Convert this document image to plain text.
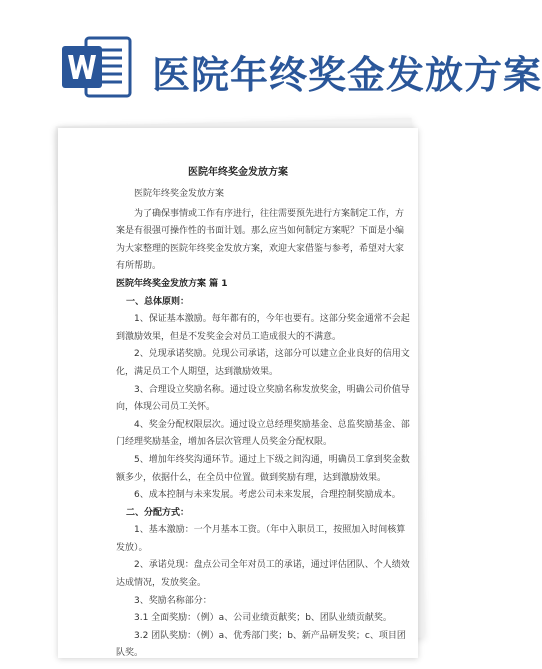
医院年终奖金发放方案
医院年终奖金发放方案

医院年终奖金发放方案

为了确保事情或工作有序进行，往往需要预先进行方案制定工作，方案是有很强可操作性的书面计划。那么应当如何制定方案呢？下面是小编为大家整理的医院年终奖金发放方案，欢迎大家借鉴与参考，希望对大家有所帮助。

医院年终奖金发放方案 篇 1

一、总体原则：

1、保证基本激励。每年都有的，今年也要有。这部分奖金通常不会起到激励效果，但是不发奖金会对员工造成很大的不满意。

2、兑现承诺奖励。兑现公司承诺，这部分可以建立企业良好的信用文化，满足员工个人期望，达到激励效果。

3、合理设立奖励名称。通过设立奖励名称发放奖金，明确公司价值导向，体现公司员工关怀。

4、奖金分配权限层次。通过设立总经理奖励基金、总监奖励基金、部门经理奖励基金，增加各层次管理人员奖金分配权限。

5、增加年终奖沟通环节。通过上下级之间沟通，明确员工拿到奖金数额多少，依据什么，在全员中位置。做到奖励有理，达到激励效果。

6、成本控制与未来发展。考虑公司未来发展，合理控制奖励成本。

二、分配方式：

1、基本激励：一个月基本工资。（年中入职员工，按照加入时间核算发放）。

2、承诺兑现：盘点公司全年对员工的承诺，通过评估团队、个人绩效达成情况，发放奖金。

3、奖励名称部分：

3.1 全面奖励：（例）a、公司业绩贡献奖；b、团队业绩贡献奖。

3.2 团队奖励：（例）a、优秀部门奖；b、新产品研发奖；c、项目团队奖。
